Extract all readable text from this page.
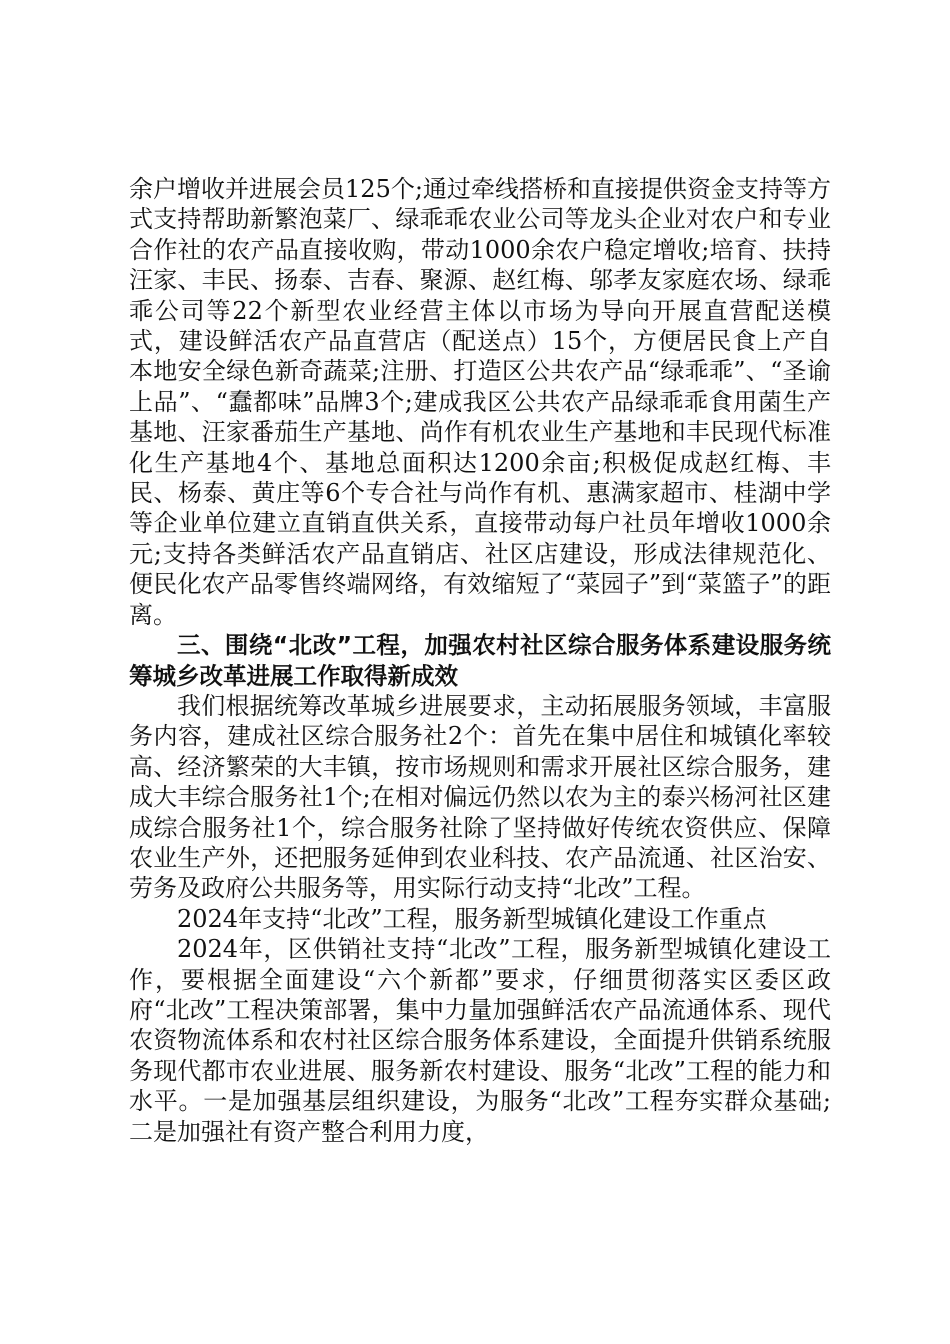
余户增收并进展会员125个;通过牵线搭桥和直接提供资金支持等方式支持帮助新繁泡菜厂、绿乖乖农业公司等龙头企业对农户和专业合作社的农产品直接收购，带动1000余农户稳定增收;培育、扶持汪家、丰民、扬泰、吉春、聚源、赵红梅、邬孝友家庭农场、绿乖乖公司等22个新型农业经营主体以市场为导向开展直营配送模式，建设鲜活农产品直营店（配送点）15个，方便居民食上产自本地安全绿色新奇蔬菜;注册、打造区公共农产品“绿乖乖”、“圣谕上品”、“蠢都味”品牌3个;建成我区公共农产品绿乖乖食用菌生产基地、汪家番茄生产基地、尚作有机农业生产基地和丰民现代标准化生产基地4个、基地总面积达1200余亩;积极促成赵红梅、丰民、杨泰、黄庄等6个专合社与尚作有机、惠满家超市、桂湖中学等企业单位建立直销直供关系，直接带动每户社员年增收1000余元;支持各类鲜活农产品直销店、社区店建设，形成法律规范化、便民化农产品零售终端网络，有效缩短了“菜园子”到“菜篮子”的距离。

三、围绕“北改”工程，加强农村社区综合服务体系建设服务统筹城乡改革进展工作取得新成效

我们根据统筹改革城乡进展要求，主动拓展服务领域，丰富服务内容，建成社区综合服务社2个：首先在集中居住和城镇化率较高、经济繁荣的大丰镇，按市场规则和需求开展社区综合服务，建成大丰综合服务社1个;在相对偏远仍然以农为主的泰兴杨河社区建成综合服务社1个，综合服务社除了坚持做好传统农资供应、保障农业生产外，还把服务延伸到农业科技、农产品流通、社区治安、劳务及政府公共服务等，用实际行动支持“北改”工程。

2024年支持“北改”工程，服务新型城镇化建设工作重点

2024年，区供销社支持“北改”工程，服务新型城镇化建设工作，要根据全面建设“六个新都”要求，仔细贯彻落实区委区政府“北改”工程决策部署，集中力量加强鲜活农产品流通体系、现代农资物流体系和农村社区综合服务体系建设，全面提升供销系统服务现代都市农业进展、服务新农村建设、服务“北改”工程的能力和水平。一是加强基层组织建设，为服务“北改”工程夯实群众基础;二是加强社有资产整合利用力度，
